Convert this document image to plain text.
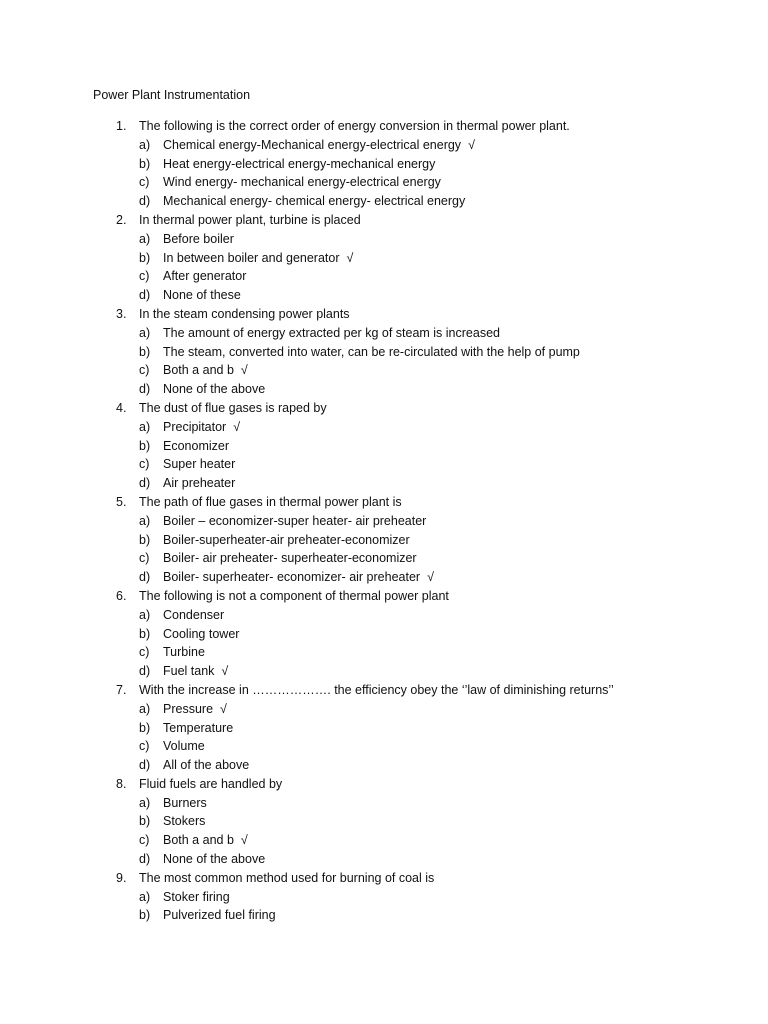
Power Plant Instrumentation
1. The following is the correct order of energy conversion in thermal power plant.
a) Chemical energy-Mechanical energy-electrical energy √
b) Heat energy-electrical energy-mechanical energy
c) Wind energy- mechanical energy-electrical energy
d) Mechanical energy- chemical energy- electrical energy
2. In thermal power plant, turbine is placed
a) Before boiler
b) In between boiler and generator √
c) After generator
d) None of these
3. In the steam condensing power plants
a) The amount of energy extracted per kg of steam is increased
b) The steam, converted into water, can be re-circulated with the help of pump
c) Both a and b √
d) None of the above
4. The dust of flue gases is raped by
a) Precipitator √
b) Economizer
c) Super heater
d) Air preheater
5. The path of flue gases in thermal power plant is
a) Boiler – economizer-super heater- air preheater
b) Boiler-superheater-air preheater-economizer
c) Boiler- air preheater- superheater-economizer
d) Boiler- superheater- economizer- air preheater √
6. The following is not a component of thermal power plant
a) Condenser
b) Cooling tower
c) Turbine
d) Fuel tank √
7. With the increase in ………………. the efficiency obey the ‘’law of diminishing returns’’
a) Pressure √
b) Temperature
c) Volume
d) All of the above
8. Fluid fuels are handled by
a) Burners
b) Stokers
c) Both a and b √
d) None of the above
9. The most common method used for burning of coal is
a) Stoker firing
b) Pulverized fuel firing
